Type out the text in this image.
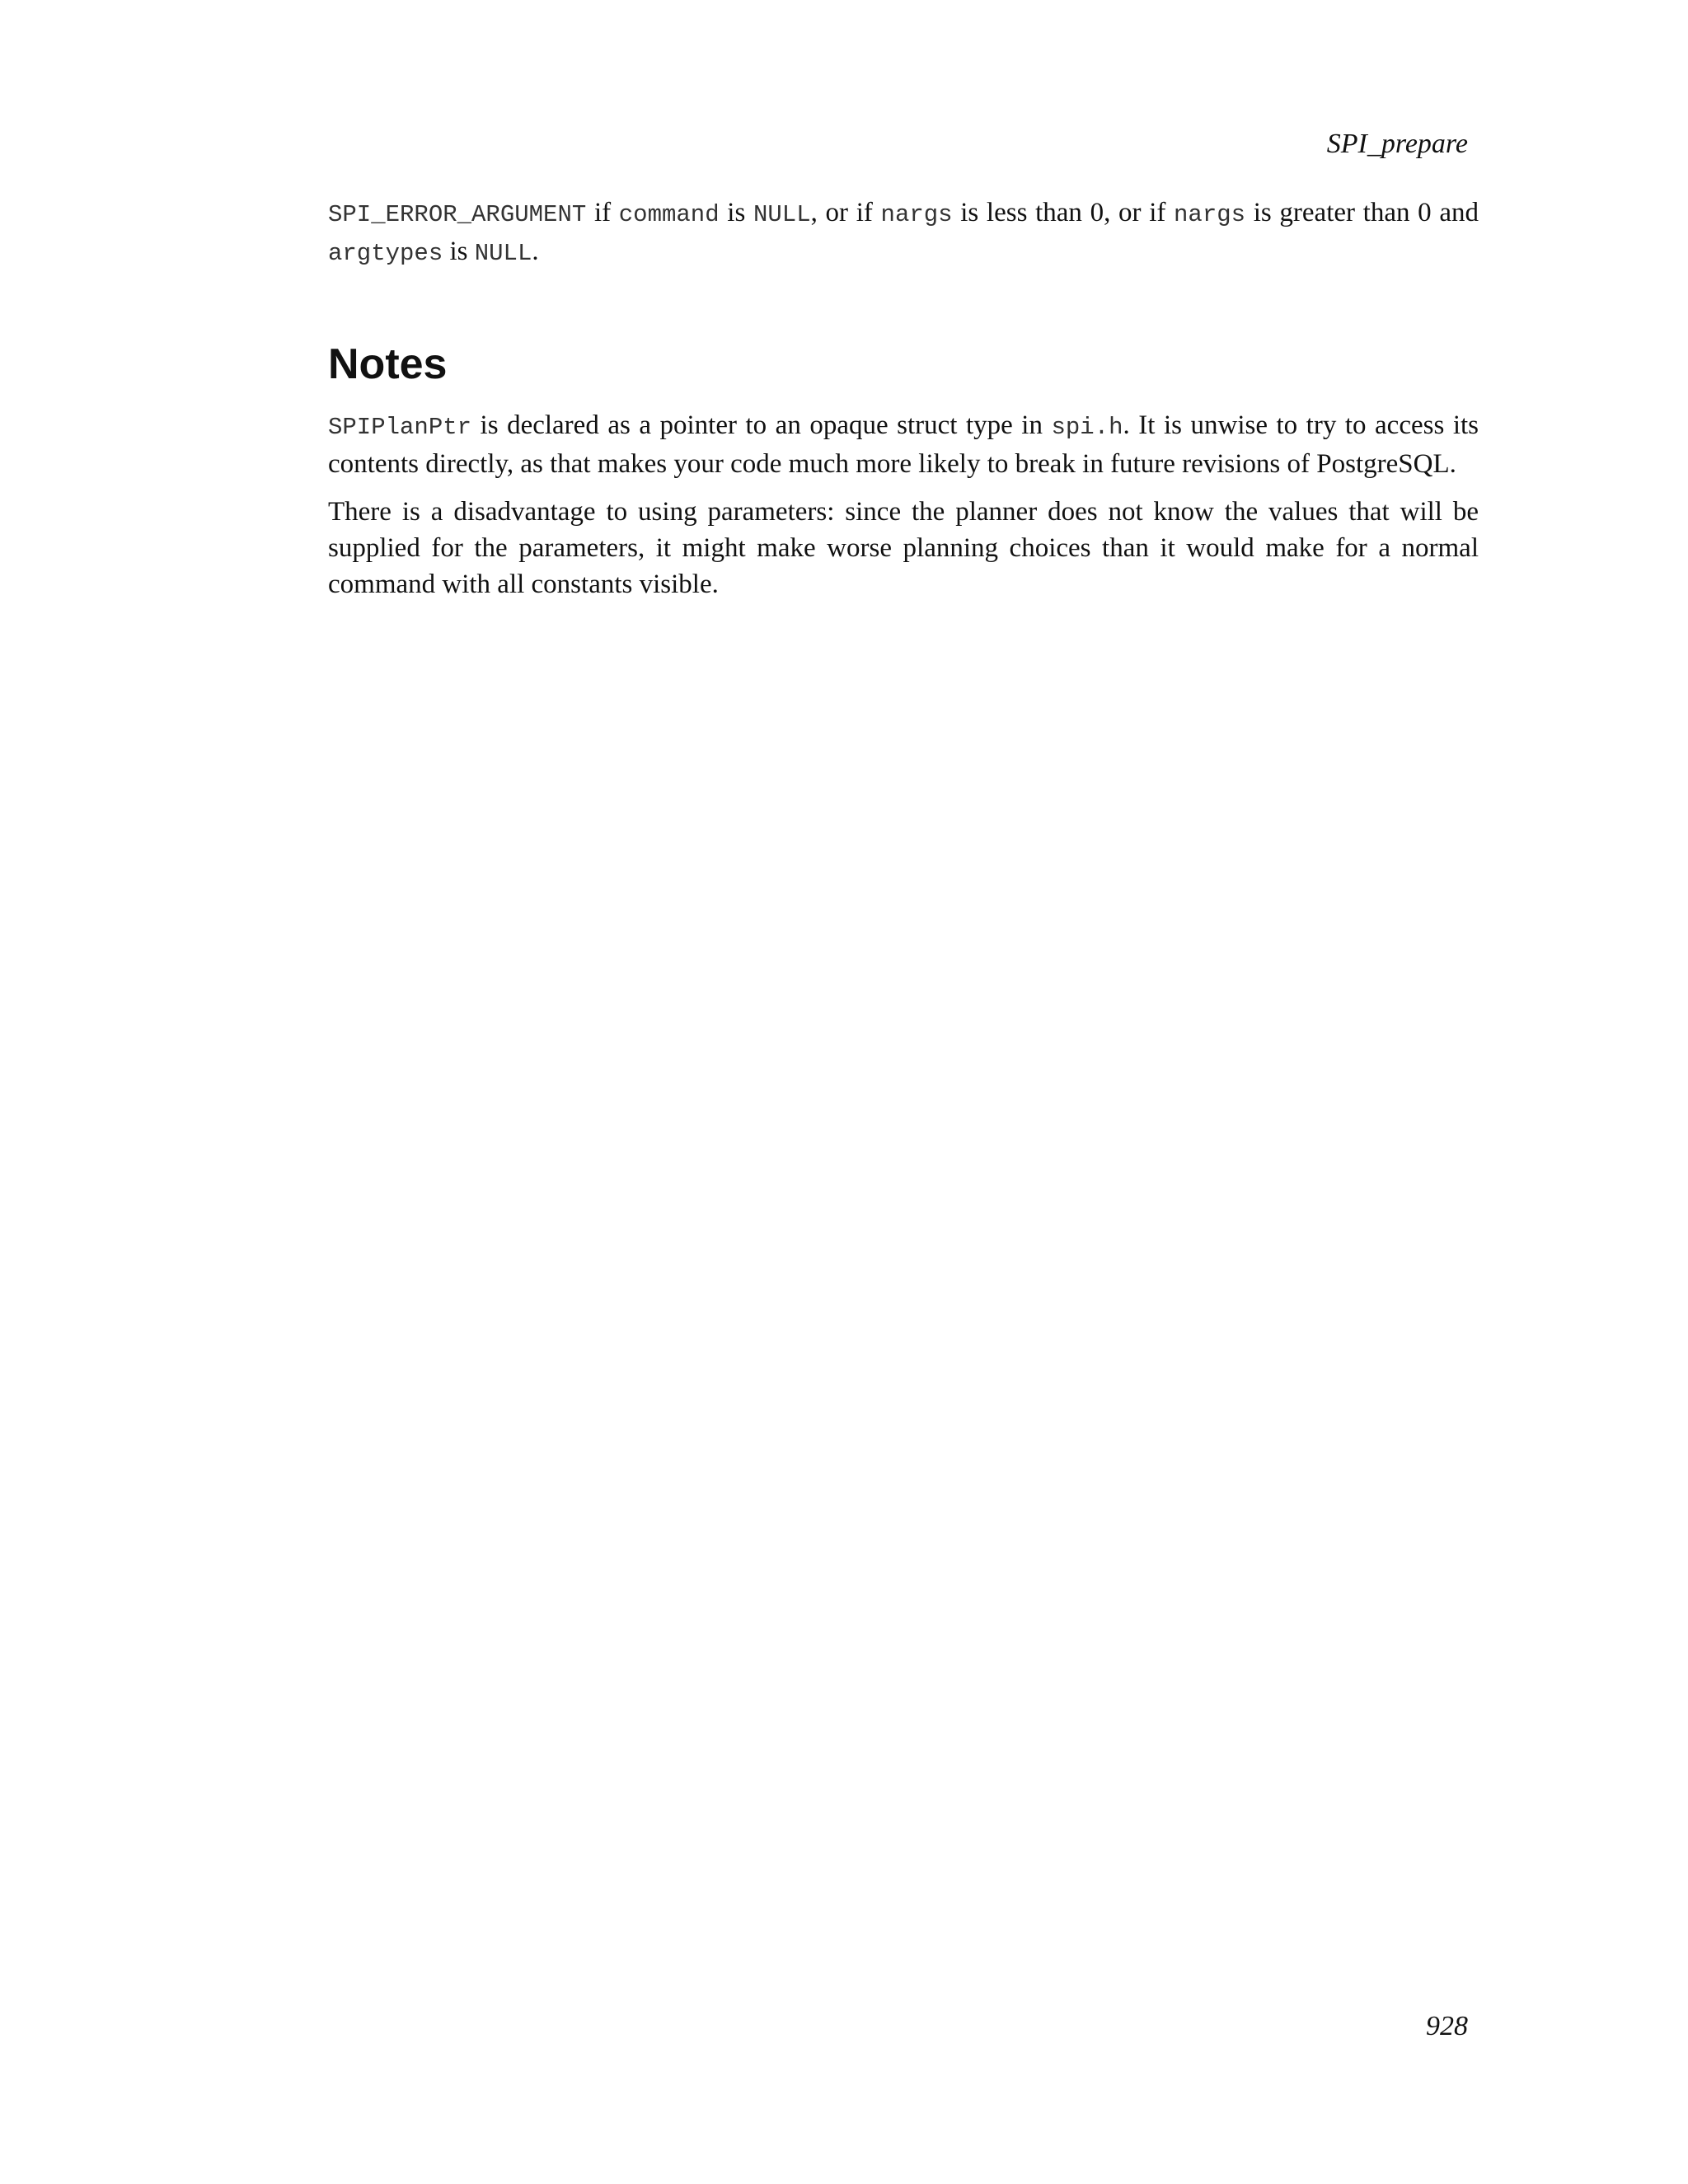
SPI_prepare

SPI_ERROR_ARGUMENT if command is NULL, or if nargs is less than 0, or if nargs is greater than 0 and argtypes is NULL.

Notes

SPIPlanPtr is declared as a pointer to an opaque struct type in spi.h. It is unwise to try to access its contents directly, as that makes your code much more likely to break in future revisions of PostgreSQL.

There is a disadvantage to using parameters: since the planner does not know the values that will be supplied for the parameters, it might make worse planning choices than it would make for a normal command with all constants visible.

928
